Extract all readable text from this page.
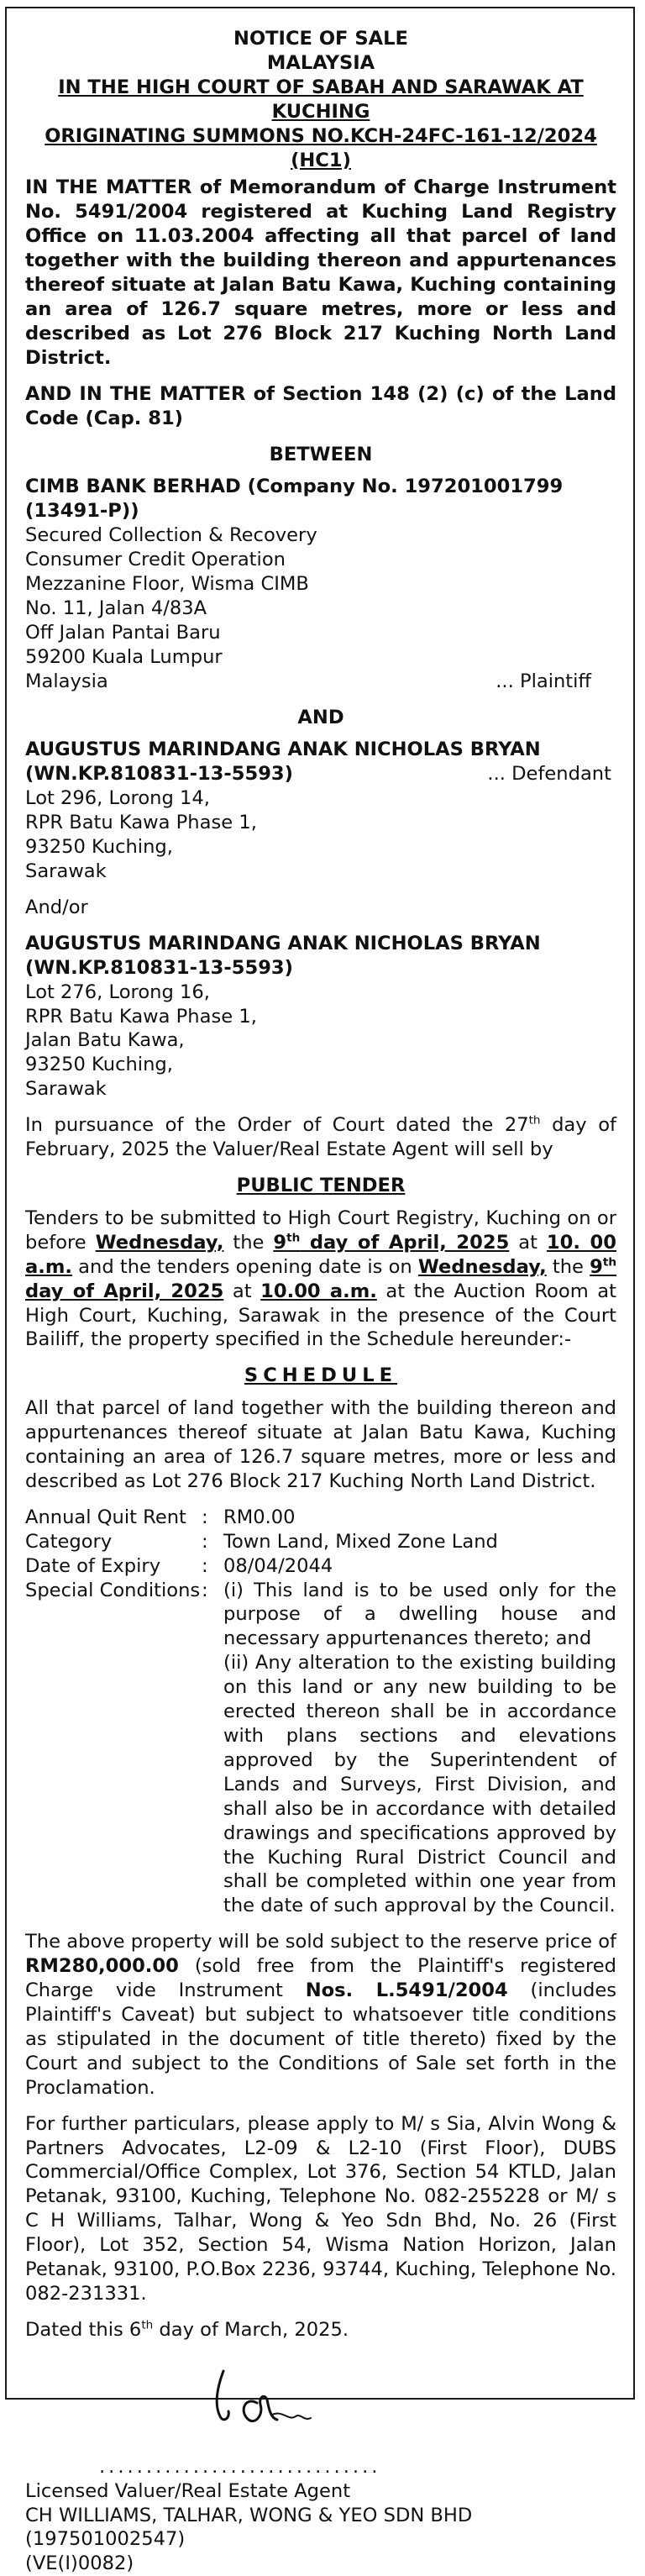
NOTICE OF SALE
MALAYSIA
IN THE HIGH COURT OF SABAH AND SARAWAK AT KUCHING
ORIGINATING SUMMONS NO.KCH-24FC-161-12/2024 (HC1)
IN THE MATTER of Memorandum of Charge Instrument No. 5491/2004 registered at Kuching Land Registry Office on 11.03.2004 affecting all that parcel of land together with the building thereon and appurtenances thereof situate at Jalan Batu Kawa, Kuching containing an area of 126.7 square metres, more or less and described as Lot 276 Block 217 Kuching North Land District.
AND IN THE MATTER of Section 148 (2) (c) of the Land Code (Cap. 81)
BETWEEN
CIMB BANK BERHAD (Company No. 197201001799 (13491-P))
Secured Collection & Recovery
Consumer Credit Operation
Mezzanine Floor, Wisma CIMB
No. 11, Jalan 4/83A
Off Jalan Pantai Baru
59200 Kuala Lumpur
Malaysia	... Plaintiff
AND
AUGUSTUS MARINDANG ANAK NICHOLAS BRYAN
(WN.KP.810831-13-5593)	... Defendant
Lot 296, Lorong 14,
RPR Batu Kawa Phase 1,
93250 Kuching,
Sarawak
And/or
AUGUSTUS MARINDANG ANAK NICHOLAS BRYAN
(WN.KP.810831-13-5593)
Lot 276, Lorong 16,
RPR Batu Kawa Phase 1,
Jalan Batu Kawa,
93250 Kuching,
Sarawak
In pursuance of the Order of Court dated the 27th day of February, 2025 the Valuer/Real Estate Agent will sell by
PUBLIC TENDER
Tenders to be submitted to High Court Registry, Kuching on or before Wednesday, the 9th day of April, 2025 at 10. 00 a.m. and the tenders opening date is on Wednesday, the 9th day of April, 2025 at 10.00 a.m. at the Auction Room at High Court, Kuching, Sarawak in the presence of the Court Bailiff, the property specified in the Schedule hereunder:-
SCHEDULE
All that parcel of land together with the building thereon and appurtenances thereof situate at Jalan Batu Kawa, Kuching containing an area of 126.7 square metres, more or less and described as Lot 276 Block 217 Kuching North Land District.
Annual Quit Rent : RM0.00
Category	: Town Land, Mixed Zone Land
Date of Expiry	: 08/04/2044
Special Conditions : (i) This land is to be used only for the purpose of a dwelling house and necessary appurtenances thereto; and
(ii) Any alteration to the existing building on this land or any new building to be erected thereon shall be in accordance with plans sections and elevations approved by the Superintendent of Lands and Surveys, First Division, and shall also be in accordance with detailed drawings and specifications approved by the Kuching Rural District Council and shall be completed within one year from the date of such approval by the Council.
The above property will be sold subject to the reserve price of RM280,000.00 (sold free from the Plaintiff's registered Charge vide Instrument Nos. L.5491/2004 (includes Plaintiff's Caveat) but subject to whatsoever title conditions as stipulated in the document of title thereto) fixed by the Court and subject to the Conditions of Sale set forth in the Proclamation.
For further particulars, please apply to M/ s Sia, Alvin Wong & Partners Advocates, L2-09 & L2-10 (First Floor), DUBS Commercial/Office Complex, Lot 376, Section 54 KTLD, Jalan Petanak, 93100, Kuching, Telephone No. 082-255228 or M/ s C H Williams, Talhar, Wong & Yeo Sdn Bhd, No. 26 (First Floor), Lot 352, Section 54, Wisma Nation Horizon, Jalan Petanak, 93100, P.O.Box 2236, 93744, Kuching, Telephone No. 082-231331.
Dated this 6th day of March, 2025.
..............................
Licensed Valuer/Real Estate Agent
CH WILLIAMS, TALHAR, WONG & YEO SDN BHD (197501002547)
(VE(I)0082)
